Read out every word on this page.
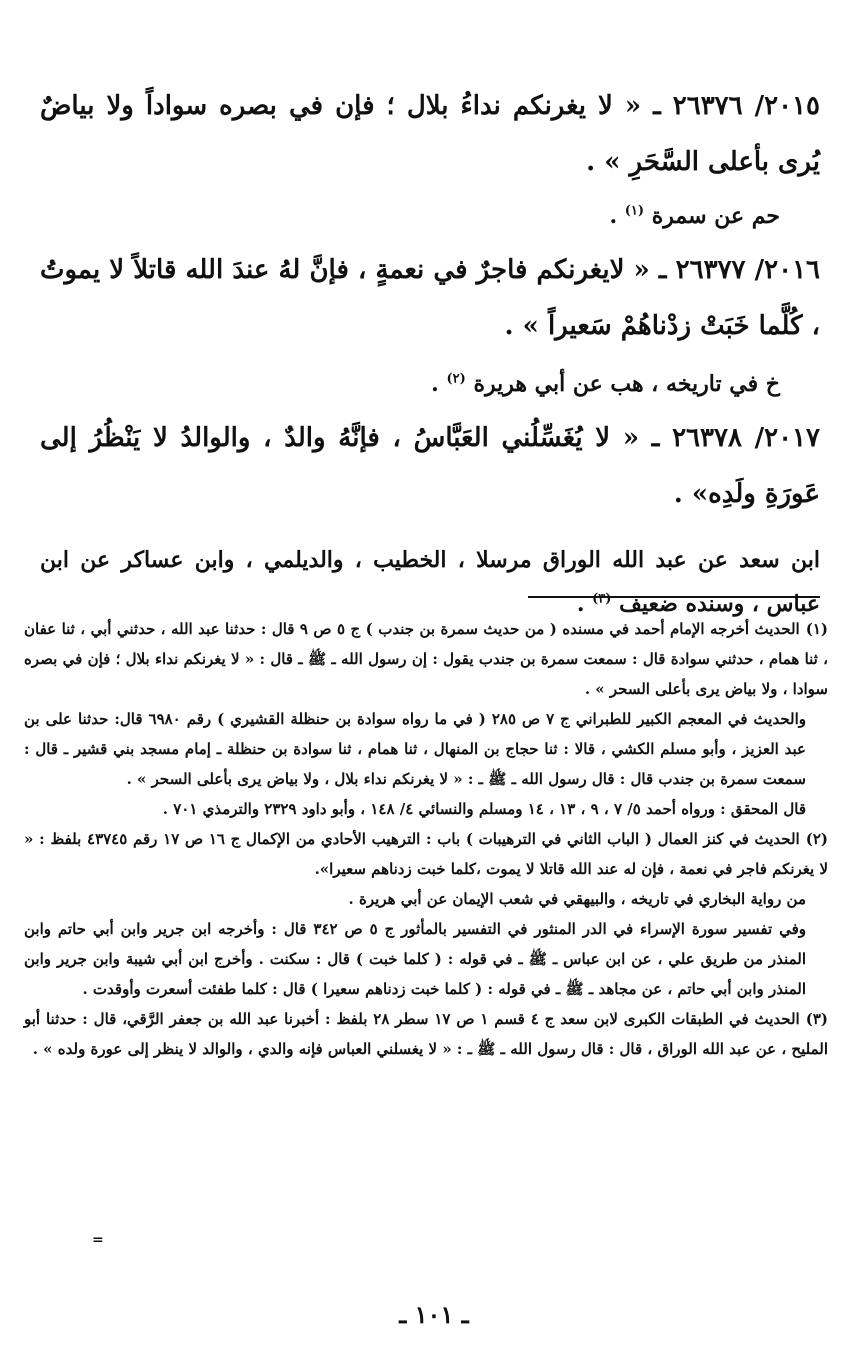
٢٠١٥/ ٢٦٣٧٦ ـ « لا يغرنكم نداءُ بلال ؛ فإن في بصره سواداً ولا بياضٌ يُرى بأعلى السَّحَرِ » .

حم عن سمرة $^{(١)}$ .

٢٠١٦/ ٢٦٣٧٧ ـ « لايغرنكم فاجرٌ في نعمةٍ ، فإنَّ لهُ عندَ الله قاتلاً لا يموتُ ، كُلَّما خَبَتْ زدْناهُمْ سَعيراً » .

خ في تاريخه ، هب عن أبي هريرة $^{(٢)}$ .

٢٠١٧/ ٢٦٣٧٨ ـ « لا يُغَسِّلُني العَبَّاسُ ، فإنَّهُ والدٌ ، والوالدُ لا يَنْظُرُ إلى عَورَةِ ولَدِه» .

ابن سعد عن عبد الله الوراق مرسلا ، الخطيب ، والديلمي ، وابن عساكر عن ابن عباس ، وسنده ضعيف $^{(٣)}$ .

(١)الحديث أخرجه الإمام أحمد في مسنده ( من حديث سمرة بن جندب ) ج ٥ ص ٩ قال : حدثنا عبد الله ، حدثني أبي ، ثنا عفان ، ثنا همام ، حدثني سوادة قال : سمعت سمرة بن جندب يقول : إن رسول الله ـ ﷺ ـ قال : « لا يغرنكم نداء بلال ؛ فإن في بصره سوادا ، ولا بياض يرى بأعلى السحر » .

والحديث في المعجم الكبير للطبراني ج ٧ ص ٢٨٥ ( في ما رواه سوادة بن حنظلة القشيري ) رقم ٦٩٨٠ قال: حدثنا على بن عبد العزيز ، وأبو مسلم الكشي ، قالا : ثنا حجاج بن المنهال ، ثنا همام ، ثنا سوادة بن حنظلة ـ إمام مسجد بني قشير ـ قال : سمعت سمرة بن جندب قال : قال رسول الله ـ ﷺ ـ : « لا يغرنكم نداء بلال ، ولا بياض يرى بأعلى السحر » .

قال المحقق : ورواه أحمد ٥/ ٧ ، ٩ ، ١٣ ، ١٤ ومسلم والنسائي ٤/ ١٤٨ ، وأبو داود ٢٣٢٩ والترمذي ٧٠١ .

(٢)الحديث في كنز العمال ( الباب الثاني في الترهيبات ) باب : الترهيب الأحادي من الإكمال ج ١٦ ص ١٧ رقم ٤٣٧٤٥ بلفظ : « لا يغرنكم فاجر في نعمة ، فإن له عند الله قاتلا لا يموت ،كلما خبت زدناهم سعيرا».

من رواية البخاري في تاريخه ، والبيهقي في شعب الإيمان عن أبي هريرة .

وفي تفسير سورة الإسراء في الدر المنثور في التفسير بالمأثور ج ٥ ص ٣٤٢ قال : وأخرجه ابن جرير وابن أبي حاتم وابن المنذر من طريق علي ، عن ابن عباس ـ ﷺ ـ في قوله : ( كلما خبت ) قال : سكنت . وأخرج ابن أبي شيبة وابن جرير وابن المنذر وابن أبي حاتم ، عن مجاهد ـ ﷺ ـ في قوله : ( كلما خبت زدناهم سعيرا ) قال : كلما طفئت أسعرت وأوقدت .

(٣)الحديث في الطبقات الكبرى لابن سعد ج ٤ قسم ١ ص ١٧ سطر ٢٨ بلفظ : أخبرنا عبد الله بن جعفر الرَّقي، قال : حدثنا أبو المليح ، عن عبد الله الوراق ، قال : قال رسول الله ـ ﷺ ـ : « لا يغسلني العباس فإنه والدي ، والوالد لا ينظر إلى عورة ولده » .

=
ـ ١٠١ ـ
